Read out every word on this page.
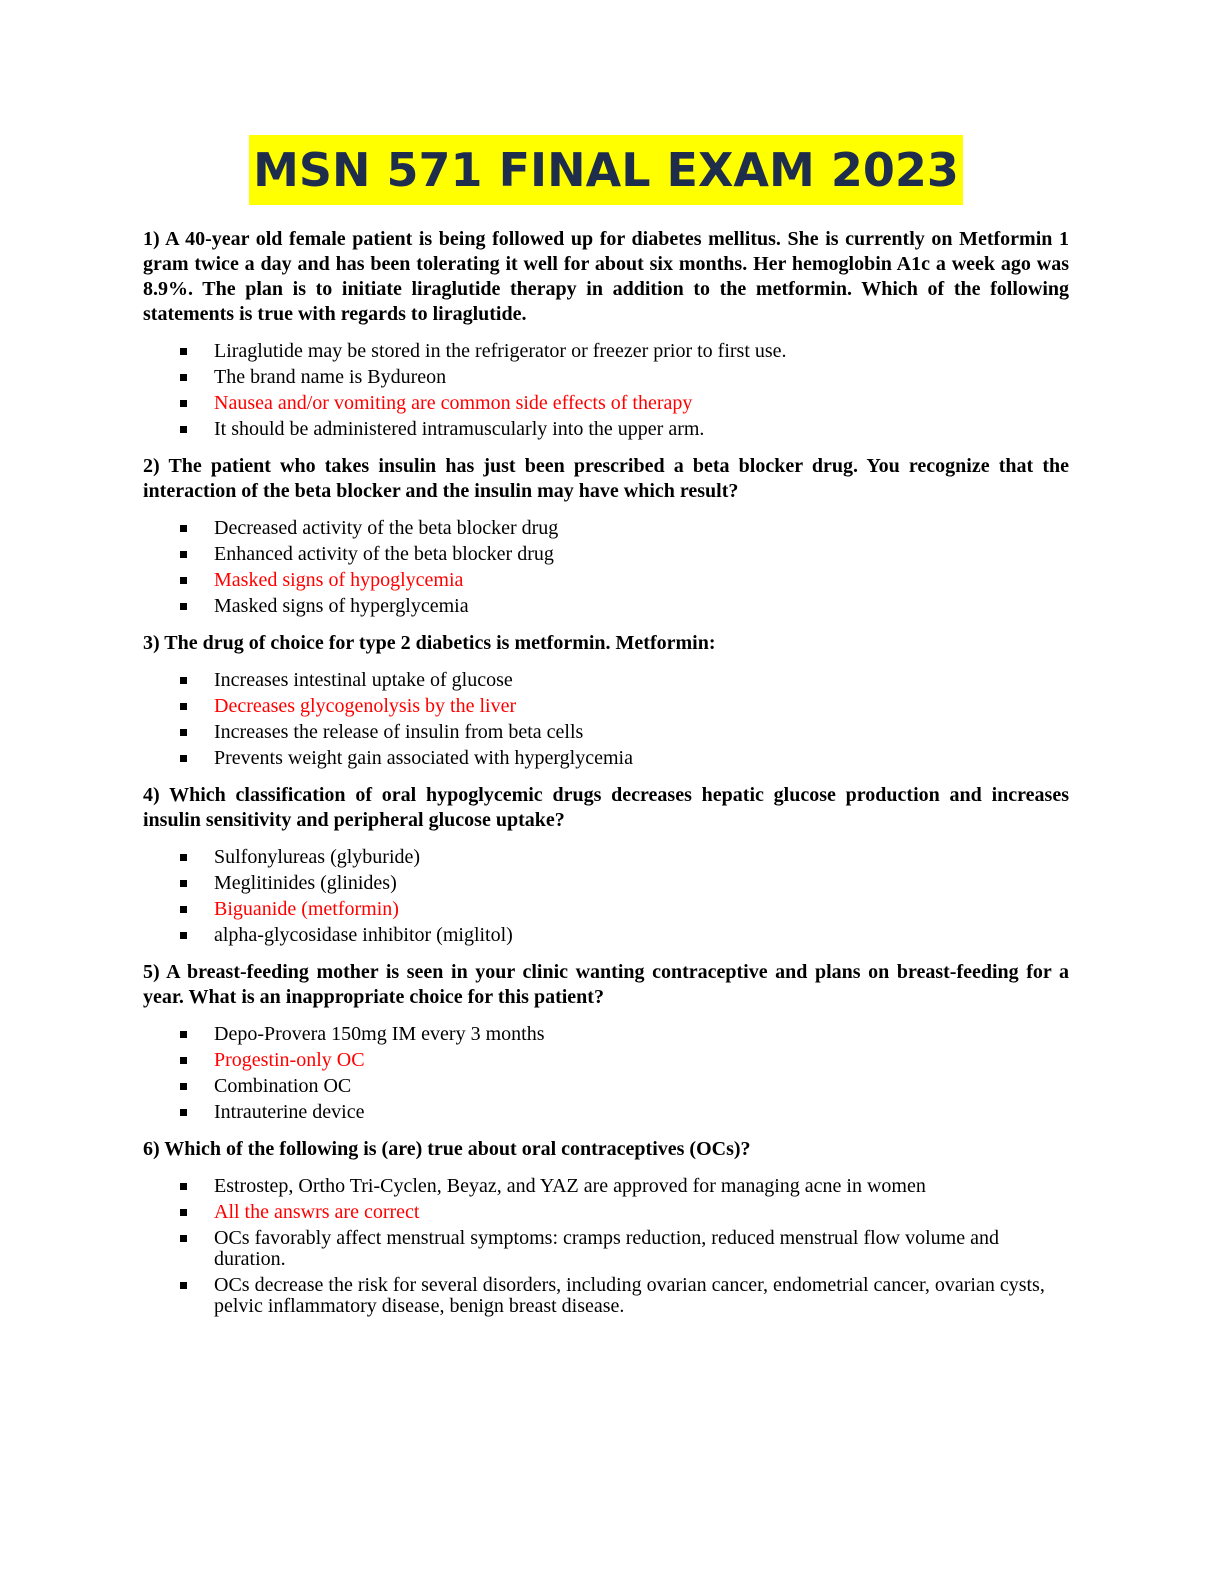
MSN 571 FINAL EXAM 2023

1) A 40-year old female patient is being followed up for diabetes mellitus. She is currently on Metformin 1 gram twice a day and has been tolerating it well for about six months. Her hemoglobin A1c a week ago was 8.9%. The plan is to initiate liraglutide therapy in addition to the metformin. Which of the following statements is true with regards to liraglutide.

Liraglutide may be stored in the refrigerator or freezer prior to first use.
The brand name is Bydureon
Nausea and/or vomiting are common side effects of therapy
It should be administered intramuscularly into the upper arm.

2) The patient who takes insulin has just been prescribed a beta blocker drug. You recognize that the interaction of the beta blocker and the insulin may have which result?

Decreased activity of the beta blocker drug
Enhanced activity of the beta blocker drug
Masked signs of hypoglycemia
Masked signs of hyperglycemia

3) The drug of choice for type 2 diabetics is metformin. Metformin:

Increases intestinal uptake of glucose
Decreases glycogenolysis by the liver
Increases the release of insulin from beta cells
Prevents weight gain associated with hyperglycemia

4) Which classification of oral hypoglycemic drugs decreases hepatic glucose production and increases insulin sensitivity and peripheral glucose uptake?

Sulfonylureas (glyburide)
Meglitinides (glinides)
Biguanide (metformin)
alpha-glycosidase inhibitor (miglitol)

5) A breast-feeding mother is seen in your clinic wanting contraceptive and plans on breast-feeding for a year. What is an inappropriate choice for this patient?

Depo-Provera 150mg IM every 3 months
Progestin-only OC
Combination OC
Intrauterine device

6) Which of the following is (are) true about oral contraceptives (OCs)?

Estrostep, Ortho Tri-Cyclen, Beyaz, and YAZ are approved for managing acne in women
All the answrs are correct
OCs favorably affect menstrual symptoms: cramps reduction, reduced menstrual flow volume and duration.
OCs decrease the risk for several disorders, including ovarian cancer, endometrial cancer, ovarian cysts, pelvic inflammatory disease, benign breast disease.
